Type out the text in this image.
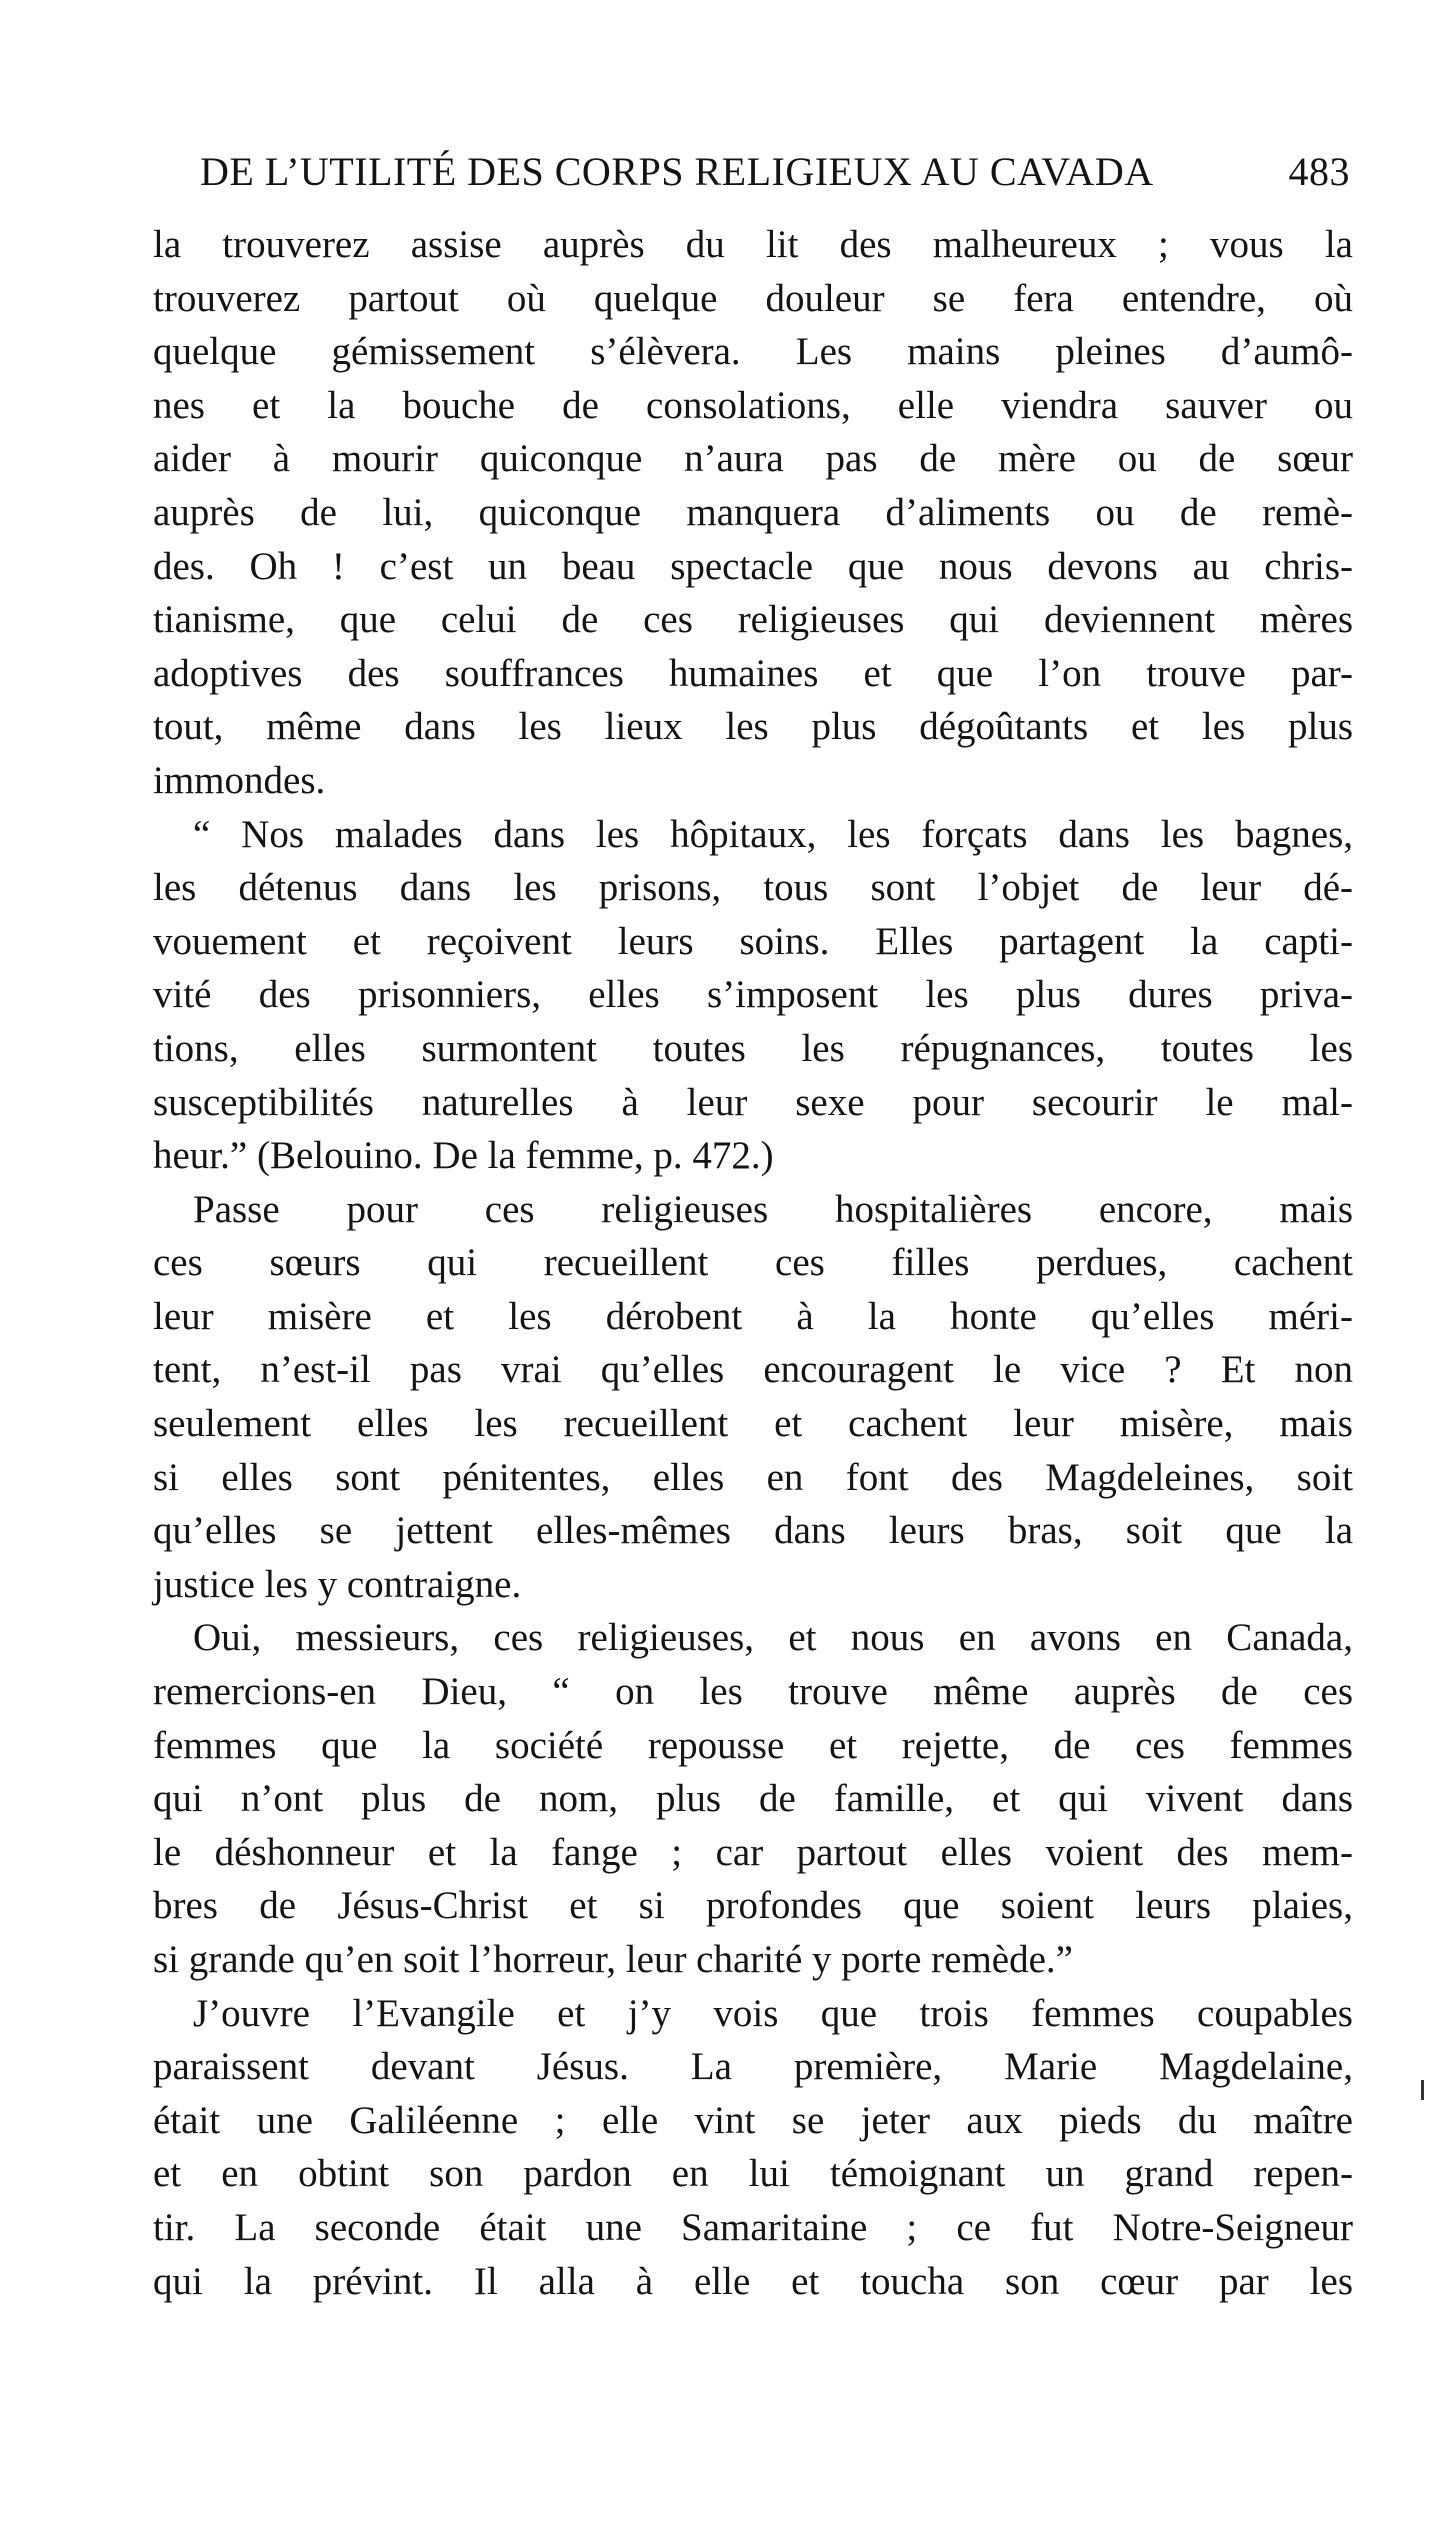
DE L’UTILITÉ DES CORPS RELIGIEUX AU CAVADA	483
la trouverez assise auprès du lit des malheureux ; vous la
trouverez partout où quelque douleur se fera entendre, où
quelque gémissement s’élèvera. Les mains pleines d’aumô-
nes et la bouche de consolations, elle viendra sauver ou
aider à mourir quiconque n’aura pas de mère ou de sœur
auprès de lui, quiconque manquera d’aliments ou de remè-
des. Oh ! c’est un beau spectacle que nous devons au chris-
tianisme, que celui de ces religieuses qui deviennent mères
adoptives des souffrances humaines et que l’on trouve par-
tout, même dans les lieux les plus dégoûtants et les plus
immondes.
“ Nos malades dans les hôpitaux, les forçats dans les bagnes,
les détenus dans les prisons, tous sont l’objet de leur dé-
vouement et reçoivent leurs soins. Elles partagent la capti-
vité des prisonniers, elles s’imposent les plus dures priva-
tions, elles surmontent toutes les répugnances, toutes les
susceptibilités naturelles à leur sexe pour secourir le mal-
heur.” (Belouino. De la femme, p. 472.)
Passe pour ces religieuses hospitalières encore, mais
ces sœurs qui recueillent ces filles perdues, cachent
leur misère et les dérobent à la honte qu’elles méri-
tent, n’est-il pas vrai qu’elles encouragent le vice ? Et non
seulement elles les recueillent et cachent leur misère, mais
si elles sont pénitentes, elles en font des Magdeleines, soit
qu’elles se jettent elles-mêmes dans leurs bras, soit que la
justice les y contraigne.
Oui, messieurs, ces religieuses, et nous en avons en Canada,
remercions-en Dieu, “ on les trouve même auprès de ces
femmes que la société repousse et rejette, de ces femmes
qui n’ont plus de nom, plus de famille, et qui vivent dans
le déshonneur et la fange ; car partout elles voient des mem-
bres de Jésus-Christ et si profondes que soient leurs plaies,
si grande qu’en soit l’horreur, leur charité y porte remède.”
J’ouvre l’Evangile et j’y vois que trois femmes coupables
paraissent devant Jésus. La première, Marie Magdelaine,
était une Galiléenne ; elle vint se jeter aux pieds du maître
et en obtint son pardon en lui témoignant un grand repen-
tir. La seconde était une Samaritaine ; ce fut Notre-Seigneur
qui la prévint. Il alla à elle et toucha son cœur par les
